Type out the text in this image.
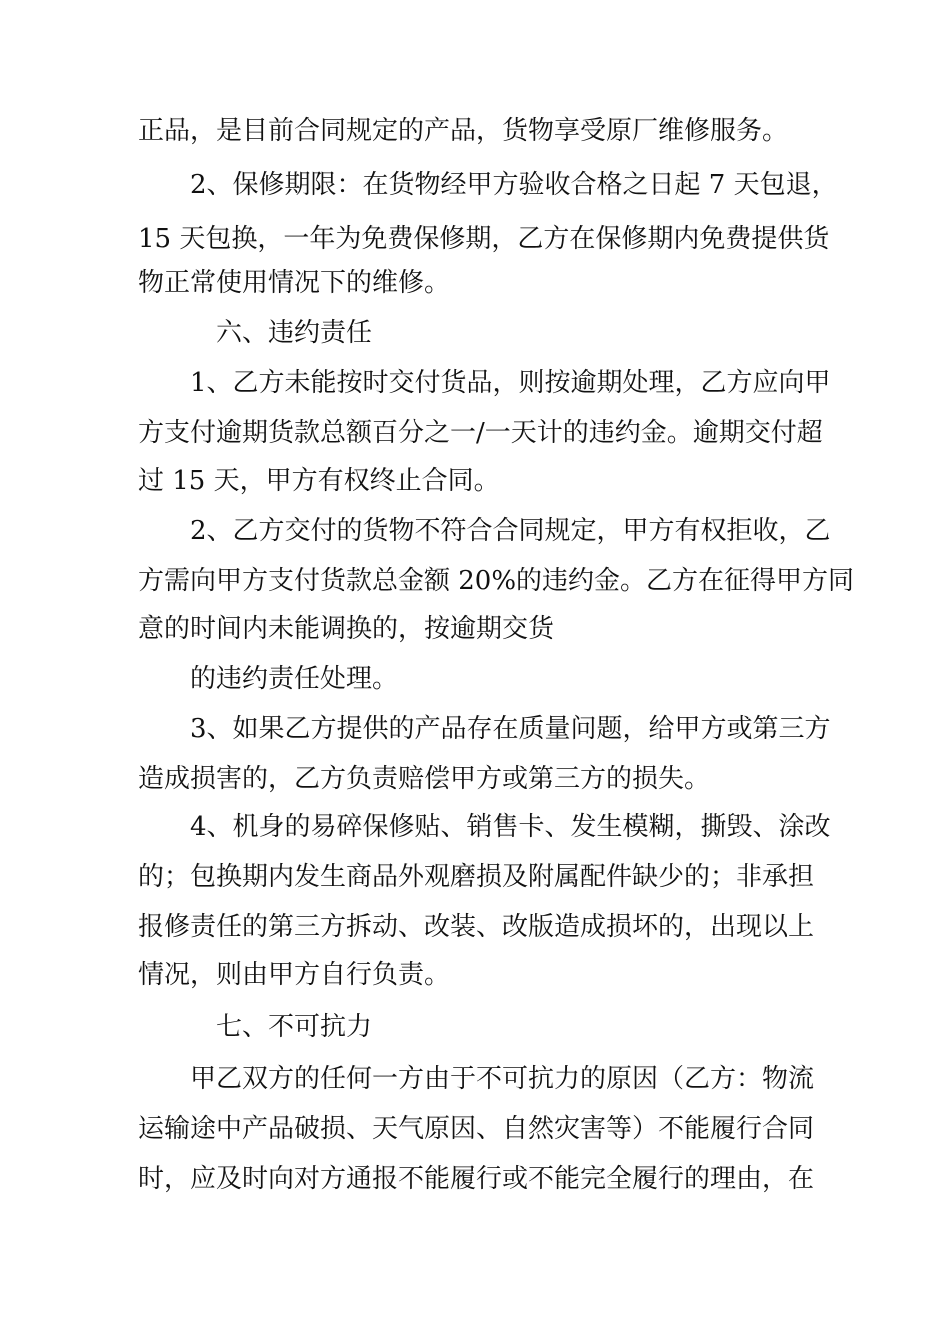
正品，是目前合同规定的产品，货物享受原厂维修服务。
2、保修期限：在货物经甲方验收合格之日起 7 天包退，
15 天包换，一年为免费保修期，乙方在保修期内免费提供货
物正常使用情况下的维修。
六、违约责任
1、乙方未能按时交付货品，则按逾期处理，乙方应向甲
方支付逾期货款总额百分之一/一天计的违约金。逾期交付超
过 15 天，甲方有权终止合同。
2、乙方交付的货物不符合合同规定，甲方有权拒收，乙
方需向甲方支付货款总金额 20%的违约金。乙方在征得甲方同
意的时间内未能调换的，按逾期交货
的违约责任处理。
3、如果乙方提供的产品存在质量问题，给甲方或第三方
造成损害的，乙方负责赔偿甲方或第三方的损失。
4、机身的易碎保修贴、销售卡、发生模糊，撕毁、涂改
的；包换期内发生商品外观磨损及附属配件缺少的；非承担
报修责任的第三方拆动、改装、改版造成损坏的，出现以上
情况，则由甲方自行负责。
七、不可抗力
甲乙双方的任何一方由于不可抗力的原因（乙方：物流
运输途中产品破损、天气原因、自然灾害等）不能履行合同
时，应及时向对方通报不能履行或不能完全履行的理由，在
